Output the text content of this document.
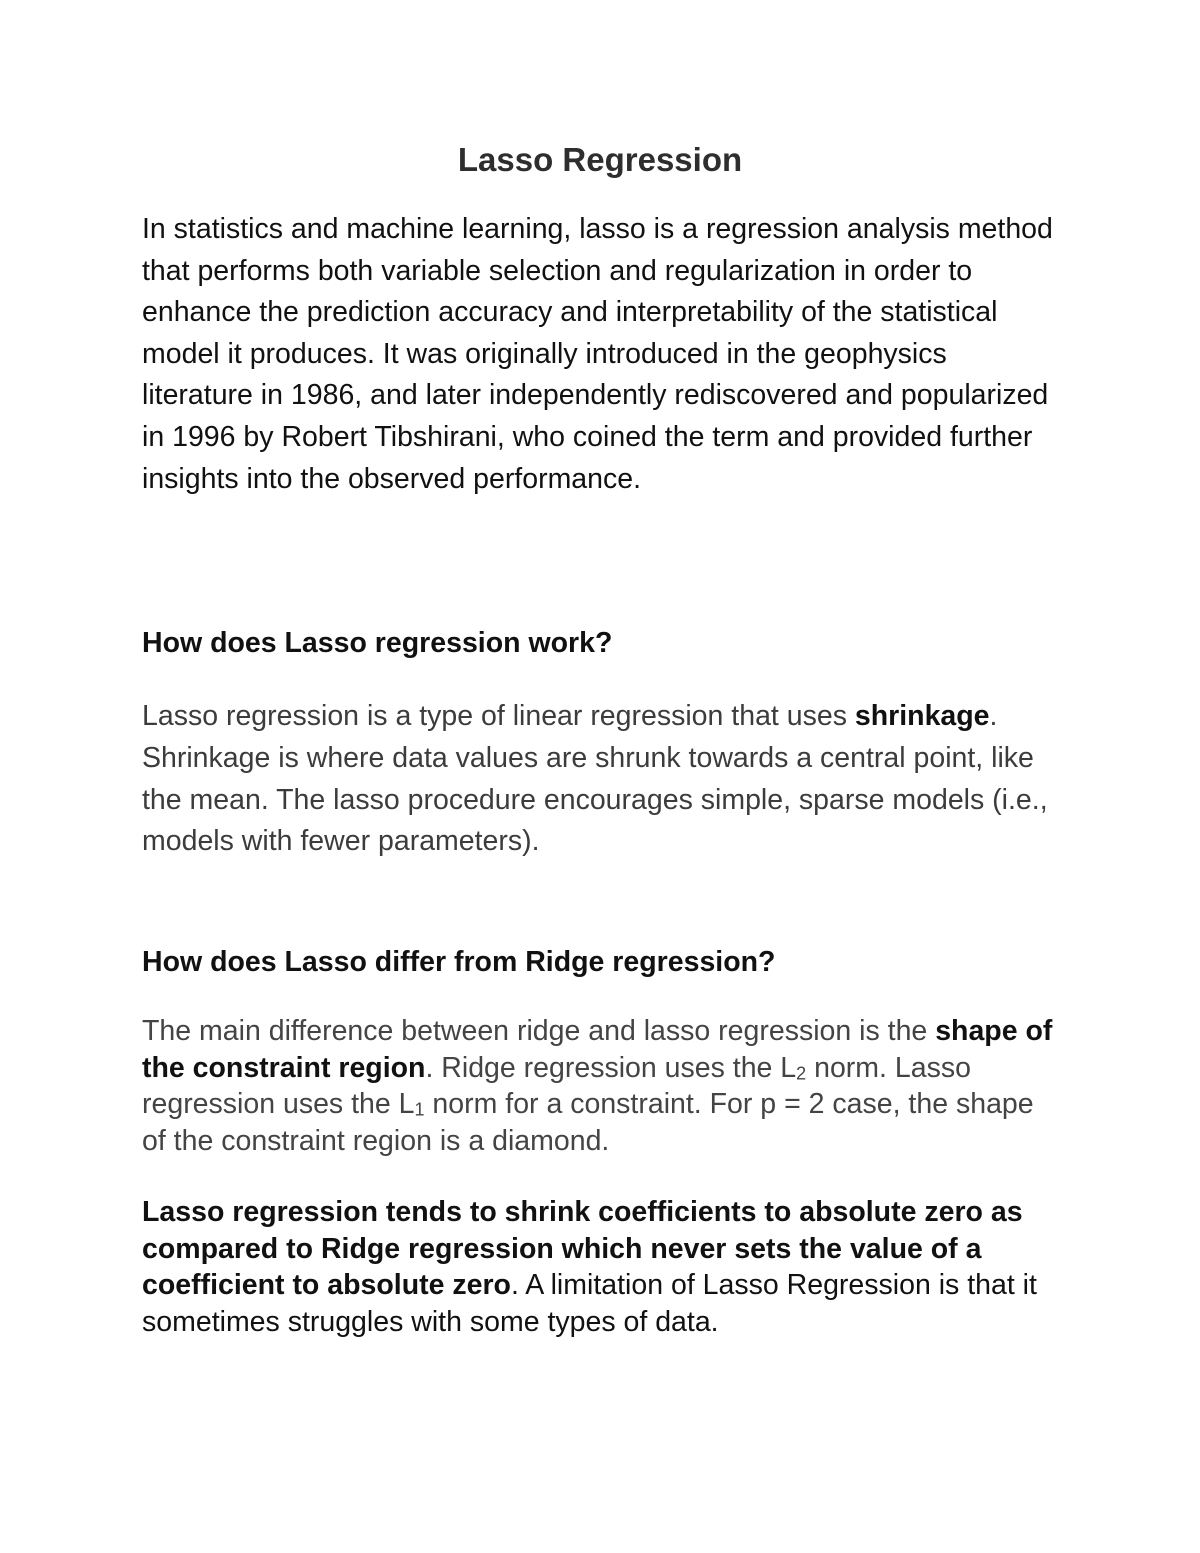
Lasso Regression

In statistics and machine learning, lasso is a regression analysis method that performs both variable selection and regularization in order to enhance the prediction accuracy and interpretability of the statistical model it produces. It was originally introduced in the geophysics literature in 1986, and later independently rediscovered and popularized in 1996 by Robert Tibshirani, who coined the term and provided further insights into the observed performance.

How does Lasso regression work?

Lasso regression is a type of linear regression that uses shrinkage. Shrinkage is where data values are shrunk towards a central point, like the mean. The lasso procedure encourages simple, sparse models (i.e., models with fewer parameters).

How does Lasso differ from Ridge regression?

The main difference between ridge and lasso regression is the shape of the constraint region. Ridge regression uses the $L_2$ norm. Lasso regression uses the $L_1$ norm for a constraint. For p = 2 case, the shape of the constraint region is a diamond.

Lasso regression tends to shrink coefficients to absolute zero as compared to Ridge regression which never sets the value of a coefficient to absolute zero. A limitation of Lasso Regression is that it sometimes struggles with some types of data.
